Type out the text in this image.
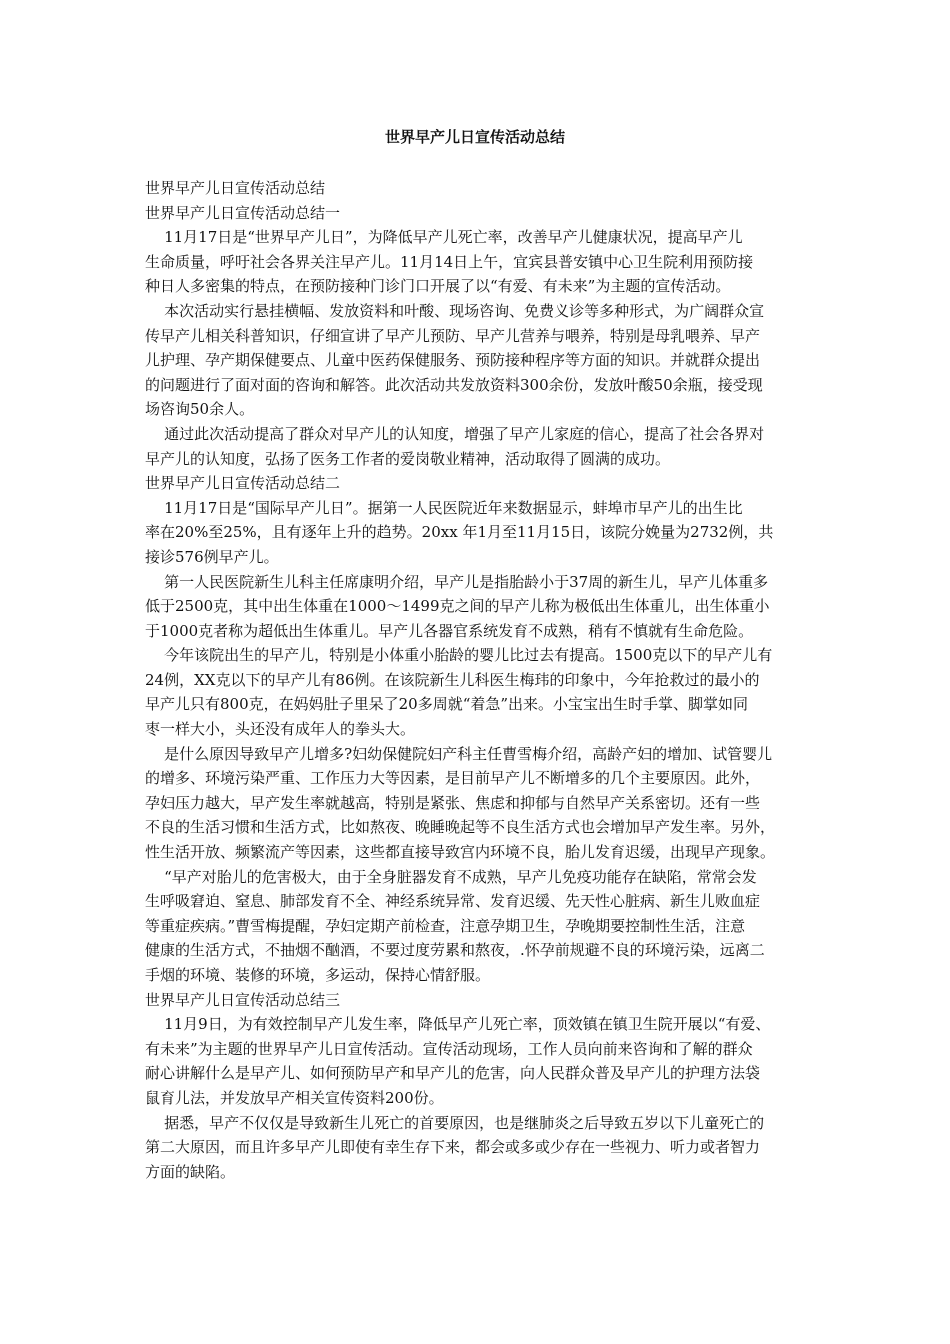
世界早产儿日宣传活动总结

世界早产儿日宣传活动总结

世界早产儿日宣传活动总结一

11月17日是“世界早产儿日”，为降低早产儿死亡率，改善早产儿健康状况，提高早产儿

生命质量，呼吁社会各界关注早产儿。11月14日上午，宜宾县普安镇中心卫生院利用预防接

种日人多密集的特点，在预防接种门诊门口开展了以“有爱、有未来”为主题的宣传活动。

本次活动实行悬挂横幅、发放资料和叶酸、现场咨询、免费义诊等多种形式，为广阔群众宣

传早产儿相关科普知识，仔细宣讲了早产儿预防、早产儿营养与喂养，特别是母乳喂养、早产

儿护理、孕产期保健要点、儿童中医药保健服务、预防接种程序等方面的知识。并就群众提出

的问题进行了面对面的咨询和解答。此次活动共发放资料300余份，发放叶酸50余瓶，接受现

场咨询50余人。

通过此次活动提高了群众对早产儿的认知度，增强了早产儿家庭的信心，提高了社会各界对

早产儿的认知度，弘扬了医务工作者的爱岗敬业精神，活动取得了圆满的成功。

世界早产儿日宣传活动总结二

11月17日是“国际早产儿日”。据第一人民医院近年来数据显示，蚌埠市早产儿的出生比

率在20%至25%，且有逐年上升的趋势。20xx 年1月至11月15日，该院分娩量为2732例，共

接诊576例早产儿。

第一人民医院新生儿科主任席康明介绍，早产儿是指胎龄小于37周的新生儿，早产儿体重多

低于2500克，其中出生体重在1000～1499克之间的早产儿称为极低出生体重儿，出生体重小

于1000克者称为超低出生体重儿。早产儿各器官系统发育不成熟，稍有不慎就有生命危险。

今年该院出生的早产儿，特别是小体重小胎龄的婴儿比过去有提高。1500克以下的早产儿有

24例，XX克以下的早产儿有86例。在该院新生儿科医生梅玮的印象中，今年抢救过的最小的

早产儿只有800克，在妈妈肚子里呆了20多周就“着急”出来。小宝宝出生时手掌、脚掌如同

枣一样大小，头还没有成年人的拳头大。

是什么原因导致早产儿增多?妇幼保健院妇产科主任曹雪梅介绍，高龄产妇的增加、试管婴儿

的增多、环境污染严重、工作压力大等因素，是目前早产儿不断增多的几个主要原因。此外，

孕妇压力越大，早产发生率就越高，特别是紧张、焦虑和抑郁与自然早产关系密切。还有一些

不良的生活习惯和生活方式，比如熬夜、晚睡晚起等不良生活方式也会增加早产发生率。另外，

性生活开放、频繁流产等因素，这些都直接导致宫内环境不良，胎儿发育迟缓，出现早产现象。

“早产对胎儿的危害极大，由于全身脏器发育不成熟，早产儿免疫功能存在缺陷，常常会发

生呼吸窘迫、窒息、肺部发育不全、神经系统异常、发育迟缓、先天性心脏病、新生儿败血症

等重症疾病。”曹雪梅提醒，孕妇定期产前检查，注意孕期卫生，孕晚期要控制性生活，注意

健康的生活方式，不抽烟不酗酒，不要过度劳累和熬夜，.怀孕前规避不良的环境污染，远离二

手烟的环境、装修的环境，多运动，保持心情舒服。

世界早产儿日宣传活动总结三

11月9日，为有效控制早产儿发生率，降低早产儿死亡率，顶效镇在镇卫生院开展以“有爱、

有未来”为主题的世界早产儿日宣传活动。宣传活动现场，工作人员向前来咨询和了解的群众

耐心讲解什么是早产儿、如何预防早产和早产儿的危害，向人民群众普及早产儿的护理方法袋

鼠育儿法，并发放早产相关宣传资料200份。

据悉，早产不仅仅是导致新生儿死亡的首要原因，也是继肺炎之后导致五岁以下儿童死亡的

第二大原因，而且许多早产儿即使有幸生存下来，都会或多或少存在一些视力、听力或者智力

方面的缺陷。
